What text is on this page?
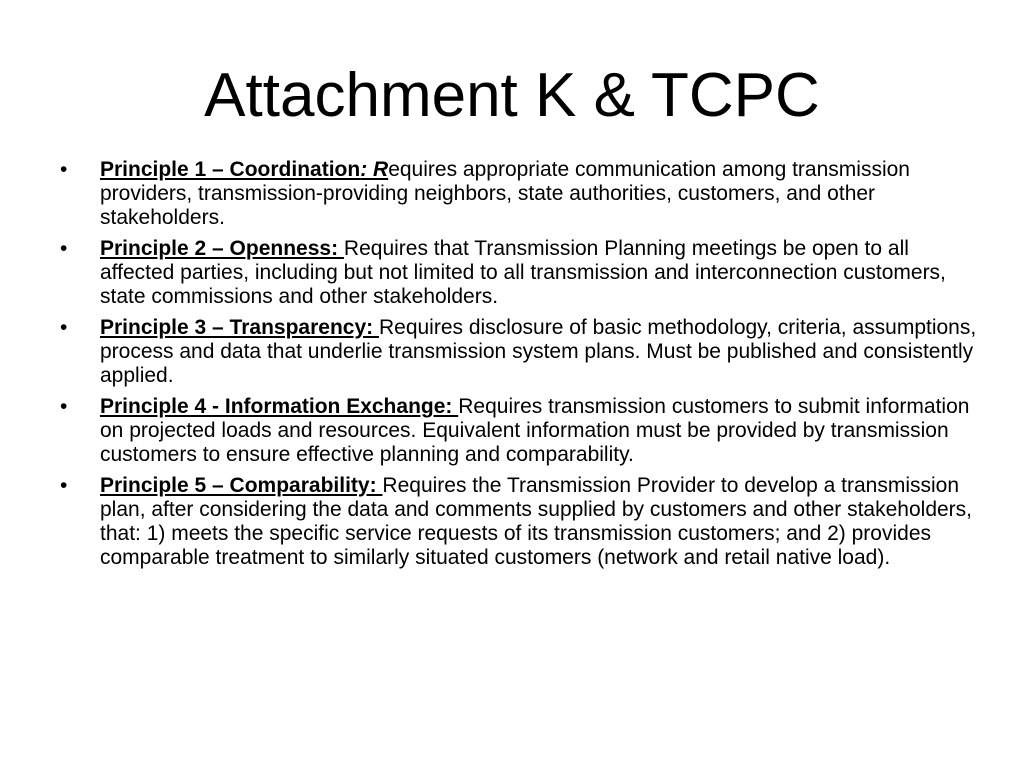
Attachment K & TCPC
• Principle 1 – Coordination: Requires appropriate communication among transmission providers, transmission-providing neighbors, state authorities, customers, and other stakeholders.
• Principle 2 – Openness: Requires that Transmission Planning meetings be open to all affected parties, including but not limited to all transmission and interconnection customers, state commissions and other stakeholders.
• Principle 3 – Transparency: Requires disclosure of basic methodology, criteria, assumptions, process and data that underlie transmission system plans. Must be published and consistently applied.
• Principle 4 - Information Exchange: Requires transmission customers to submit information on projected loads and resources. Equivalent information must be provided by transmission customers to ensure effective planning and comparability.
• Principle 5 – Comparability: Requires the Transmission Provider to develop a transmission plan, after considering the data and comments supplied by customers and other stakeholders, that: 1) meets the specific service requests of its transmission customers; and 2) provides comparable treatment to similarly situated customers (network and retail native load).
